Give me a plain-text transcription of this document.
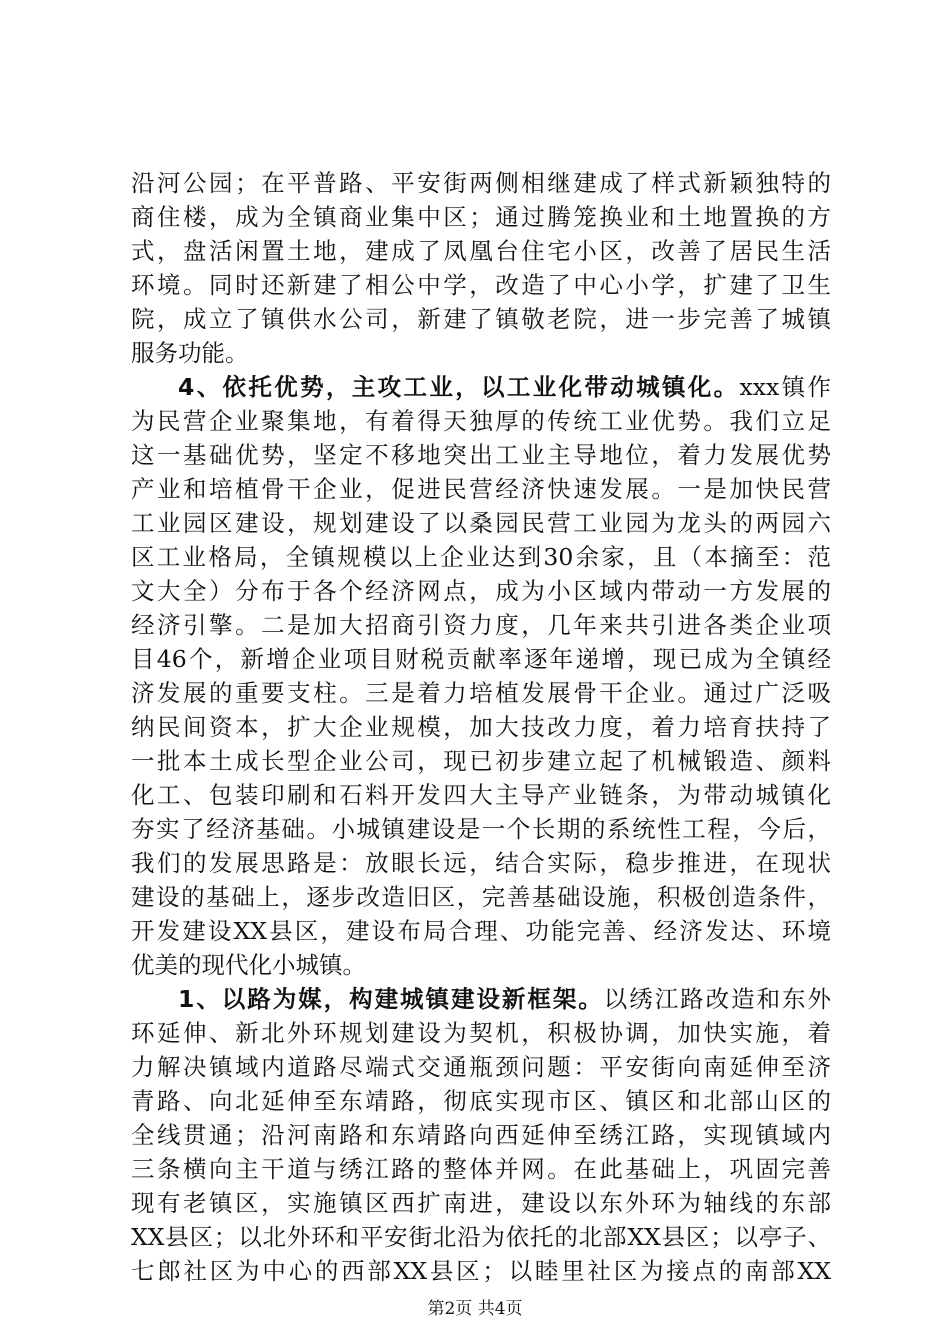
沿河公园；在平普路、平安街两侧相继建成了样式新颖独特的
商住楼，成为全镇商业集中区；通过腾笼换业和土地置换的方
式，盘活闲置土地，建成了凤凰台住宅小区，改善了居民生活
环境。同时还新建了相公中学，改造了中心小学，扩建了卫生
院，成立了镇供水公司，新建了镇敬老院，进一步完善了城镇
服务功能。
4、依托优势，主攻工业，以工业化带动城镇化。xxx镇作
为民营企业聚集地，有着得天独厚的传统工业优势。我们立足
这一基础优势，坚定不移地突出工业主导地位，着力发展优势
产业和培植骨干企业，促进民营经济快速发展。一是加快民营
工业园区建设，规划建设了以桑园民营工业园为龙头的两园六
区工业格局，全镇规模以上企业达到30余家，且（本摘至：范
文大全）分布于各个经济网点，成为小区域内带动一方发展的
经济引擎。二是加大招商引资力度，几年来共引进各类企业项
目46个，新增企业项目财税贡献率逐年递增，现已成为全镇经
济发展的重要支柱。三是着力培植发展骨干企业。通过广泛吸
纳民间资本，扩大企业规模，加大技改力度，着力培育扶持了
一批本土成长型企业公司，现已初步建立起了机械锻造、颜料
化工、包装印刷和石料开发四大主导产业链条，为带动城镇化
夯实了经济基础。小城镇建设是一个长期的系统性工程，今后，
我们的发展思路是：放眼长远，结合实际，稳步推进，在现状
建设的基础上，逐步改造旧区，完善基础设施，积极创造条件，
开发建设XX县区，建设布局合理、功能完善、经济发达、环境
优美的现代化小城镇。
1、以路为媒，构建城镇建设新框架。以绣江路改造和东外
环延伸、新北外环规划建设为契机，积极协调，加快实施，着
力解决镇域内道路尽端式交通瓶颈问题：平安街向南延伸至济
青路、向北延伸至东靖路，彻底实现市区、镇区和北部山区的
全线贯通；沿河南路和东靖路向西延伸至绣江路，实现镇域内
三条横向主干道与绣江路的整体并网。在此基础上，巩固完善
现有老镇区，实施镇区西扩南进，建设以东外环为轴线的东部
XX县区；以北外环和平安街北沿为依托的北部XX县区；以亭子、
七郎社区为中心的西部XX县区；以睦里社区为接点的南部XX
第2页 共4页
